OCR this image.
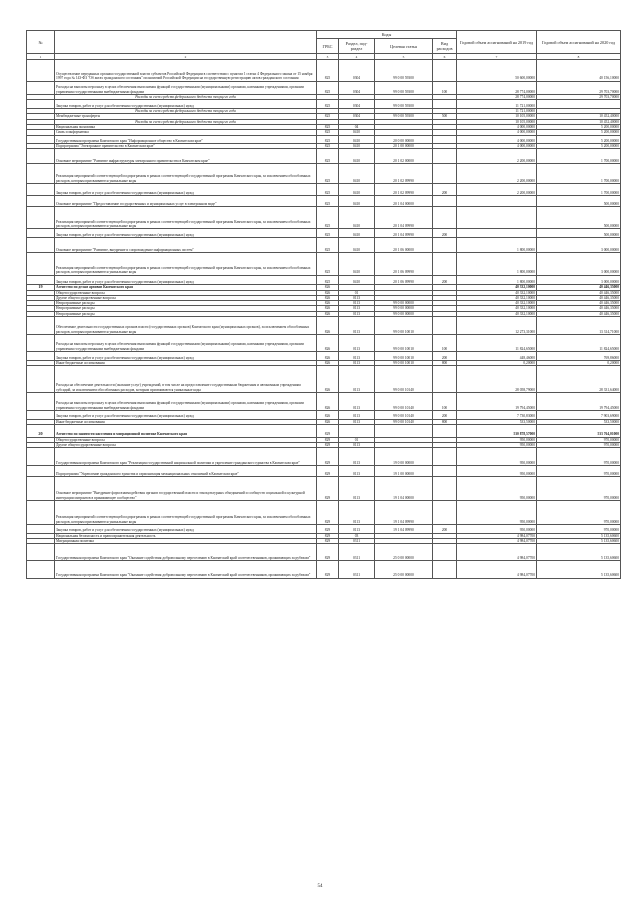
№		Коды				Годовой объем ассигнований на 2019 год	Годовой объем ассигнований на 2020 год
		ГРБС	Раздел, под- раздел	Целевая статья	Вид расходов		
1	2	3	4	5	6	7	8
	Осуществление переданных органам государственной власти субъектов Российской Федерации в соответствии с пунктом 1 статьи 4 Федерального закона от 15 ноября 1997 года № 143-ФЗ "Об актах гражданского состояния" полномочий Российской Федерации на государственную регистрацию актов гражданского состояния	825	0304	99 0 00 59300		50 600,00000	40 156,10000
	Расходы на выплаты персоналу в целях обеспечения выполнения функций государственными (муниципальными) органами, казенными учреждениями, органами управления государственными внебюджетными фондами	825	0304	99 0 00 59300	100	28 774,00000	29 703,70000
	Расходы за счет средств федерального бюджета текущего года					28 774,00000	29 703,70000
	Закупка товаров, работ и услуг для обеспечения государственных (муниципальных) нужд	825	0304	99 0 00 59300		11 721,00000	
	Расходы за счет средств федерального бюджета текущего года					11 721,00000	
	Межбюджетные трансферты	825	0304	99 0 00 59300	500	10 105,00000	10 452,40000
	Расходы за счет средств федерального бюджета текущего года					10 105,00000	10 452,40000
	Национальная экономика	825	04			4 000,00000	5 200,00000
	Связь и информатика	825	0410			4 000,00000	5 200,00000
	Государственная программа Камчатского края "Информационное общество в Камчатском крае"	825	0410	20 0 00 00000		4 000,00000	5 200,00000
	Подпрограмма "Электронное правительство в Камчатском крае"	825	0410	20 1 00 00000		4 000,00000	5 200,00000
	Основное мероприятие "Развитие инфраструктуры электронного правительства в Камчатском крае"	825	0410	20 1 02 00000		2 200,00000	1 700,00000
	Реализация мероприятий соответствующей подпрограммы в рамках соответствующей государственной программы Камчатского края, за исключением обособленных расходов, которым присваиваются уникальные коды	825	0410	20 1 02 09990		2 200,00000	1 700,00000
	Закупка товаров, работ и услуг для обеспечения государственных (муниципальных) нужд	825	0410	20 1 02 09990	200	2 200,00000	1 700,00000
	Основное мероприятие "Предоставление государственных и муниципальных услуг в электронном виде"	825	0410	20 1 04 00000			500,00000
	Реализация мероприятий соответствующей подпрограммы в рамках соответствующей государственной программы Камчатского края, за исключением обособленных расходов, которым присваиваются уникальные коды	825	0410	20 1 04 09990			500,00000
	Закупка товаров, работ и услуг для обеспечения государственных (муниципальных) нужд	825	0410	20 1 04 09990	200		500,00000
	Основное мероприятие "Развитие, внедрение и сопровождение информационных систем"	825	0410	20 1 06 00000		1 800,00000	3 000,00000
	Реализация мероприятий соответствующей подпрограммы в рамках соответствующей государственной программы Камчатского края, за исключением обособленных расходов, которым присваиваются уникальные коды	825	0410	20 1 06 09990		1 800,00000	3 000,00000
	Закупка товаров, работ и услуг для обеспечения государственных (муниципальных) нужд	825	0410	20 1 06 09990	200	1 800,00000	3 000,00000
19	Агентство по делам архивов Камчатского края	826				40 332,10000	40 446,35000
	Общегосударственные вопросы	826	01			40 332,10000	40 446,35000
	Другие общегосударственные вопросы	826	0113			40 332,10000	40 446,35000
	Непрограммные расходы	826	0113	99 0 00 00000		40 332,10000	40 446,35000
	Непрограммные расходы	826	0113	99 0 00 00000		40 332,10000	40 446,35000
	Непрограммные расходы	826	0113	99 0 00 00000		40 332,10000	40 446,35000
	Обеспечение деятельности государственных органов власти (государственных органов) Камчатского края (муниципальных органов), за исключением обособленных расходов, которым присваиваются уникальные коды	826	0113	99 0 00 10010		12 273,31000	13 314,71000
	Расходы на выплаты персоналу в целях обеспечения выполнения функций государственными (муниципальными) органами, казенными учреждениями, органами управления государственными внебюджетными фондами	826	0113	99 0 00 10010	100	11 824,65000	11 824,65000
	Закупка товаров, работ и услуг для обеспечения государственных (муниципальных) нужд	826	0113	99 0 00 10010	200	448,46000	769,86000
	Иные бюджетные ассигнования	826	0113	99 0 00 10010	800	0,20000	0,20000
	Расходы на обеспечение деятельности (оказание услуг) учреждений, в том числе на предоставление государственным бюджетным и автономным учреждениям субсидий, за исключением обособленных расходов, которым присваиваются уникальные коды	826	0113	99 0 00 10140		28 058,79000	28 331,64000
	Расходы на выплаты персоналу в целях обеспечения выполнения функций государственными (муниципальными) органами, казенными учреждениями, органами управления государственными внебюджетными фондами	826	0113	99 0 00 10140	100	19 794,45000	19 794,45000
	Закупка товаров, работ и услуг для обеспечения государственных (муниципальных) нужд	826	0113	99 0 00 10140	200	7 730,83000	7 903,69000
	Иные бюджетные ассигнования	826	0113	99 0 00 10140	800	533,50000	533,50000
20	Агентство по занятости населения и миграционной политике Камчатского края	829				530 878,57000	533 764,01000
	Общегосударственные вопросы	829	01			950,00000	970,00000
	Другие общегосударственные вопросы	829	0113			950,00000	970,00000
	Государственная программа Камчатского края "Реализация государственной национальной политики и укрепление гражданского единства в Камчатском крае"	829	0113	19 0 00 00000		950,00000	970,00000
	Подпрограмма "Укрепление гражданского единства и гармонизация межнациональных отношений в Камчатском крае"	829	0113	19 1 00 00000		950,00000	970,00000
	Основное мероприятие "Внедрение форм взаимодействия органов государственной власти и этнокультурных объединений и сообществ социальной и культурной интеграции мигрантов в принимающее сообщество"	829	0113	19 1 04 00000		950,00000	970,00000
	Реализация мероприятий соответствующей подпрограммы в рамках соответствующей государственной программы Камчатского края, за исключением обособленных расходов, которым присваиваются уникальные коды	829	0113	19 1 04 09990		950,00000	970,00000
	Закупка товаров, работ и услуг для обеспечения государственных (муниципальных) нужд	829	0113	19 1 04 09990	200	950,00000	970,00000
	Национальная безопасность и правоохранительная деятельность	829	03			4 984,07700	5 135,60600
	Миграционная политика	829	0311			4 984,07700	5 135,60600
	Государственная программа Камчатского края "Оказание содействия добровольному переселению в Камчатский край соотечественников, проживающих за рубежом"	829	0311	25 0 00 00000		4 984,07700	5 135,60600
	Государственная программа Камчатского края "Оказание содействия добровольному переселению в Камчатский край соотечественников, проживающих за рубежом"	829	0311	25 0 00 00000		4 984,07700	5 135,60600
54
